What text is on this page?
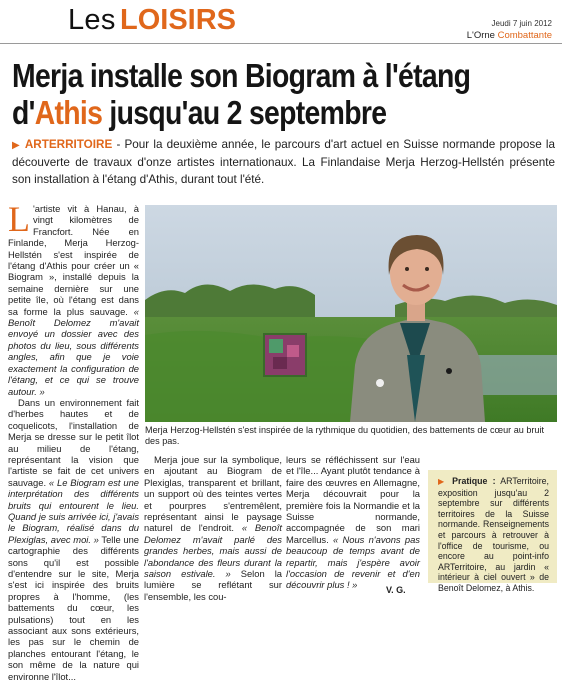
Les LOISIRS	Jeudi 7 juin 2012
L'Orne Combattante
Merja installe son Biogram à l'étang
d'Athis jusqu'au 2 septembre

▶ ARTERRITOIRE - Pour la deuxième année, le parcours d'art actuel en Suisse normande propose la découverte de travaux d'onze artistes internationaux. La Finlandaise Merja Herzog-Hellstén présente son installation à l'étang d'Athis, durant tout l'été.

L 'artiste vit à Hanau, à vingt kilomètres de Francfort. Née en Finlande, Merja Herzog-Hellstén s'est inspirée de l'étang d'Athis pour créer un « Biogram », installé depuis la semaine dernière sur une petite île, où l'étang est dans sa forme la plus sauvage. « Benoît Delomez m'avait envoyé un dossier avec des photos du lieu, sous différents angles, afin que je voie exactement la configuration de l'étang, et ce qui se trouve autour. »

Dans un environnement fait d'herbes hautes et de coquelicots, l'installation de Merja se dresse sur le petit îlot au milieu de l'étang, représentant la vision que l'artiste se fait de cet univers sauvage. « Le Biogram est une interprétation des différents bruits qui entourent le lieu. Quand je suis arrivée ici, j'avais le Biogram, réalisé dans du Plexiglas, avec moi. » Telle une cartographie des différents sons qu'il est possible d'entendre sur le site, Merja s'est ici inspirée des bruits propres à l'homme, (les battements du cœur, les pulsations) tout en les associant aux sons extérieurs, les pas sur le chemin de planches entourant l'étang, le son même de la nature qui environne l'îlot...

Merja Herzog-Hellstén s'est inspirée de la rythmique du quotidien, des battements de cœur au bruit des pas.

Merja joue sur la symbolique, en ajoutant au Biogram de Plexiglas, transparent et brillant, un support où des teintes vertes et pourpres s'entremêlent, représentant ainsi le paysage naturel de l'endroit. « Benoît Delomez m'avait parlé des grandes herbes, mais aussi de l'abondance des fleurs durant la saison estivale. » Selon la lumière se reflétant sur l'ensemble, les cou-

leurs se réfléchissent sur l'eau et l'île... Ayant plutôt tendance à faire des œuvres en Allemagne, Merja découvrait pour la première fois la Normandie et la Suisse normande, accompagnée de son mari Marcellus. « Nous n'avons pas beaucoup de temps avant de repartir, mais j'espère avoir l'occasion de revenir et d'en découvrir plus ! »	V. G.
▶ Pratique : ARTerritoire, exposition jusqu'au 2 septembre sur différents territoires de la Suisse normande. Renseignements et parcours à retrouver à l'office de tourisme, ou encore au point-info ARTerritoire, au jardin « intérieur à ciel ouvert » de Benoît Delomez, à Athis.
